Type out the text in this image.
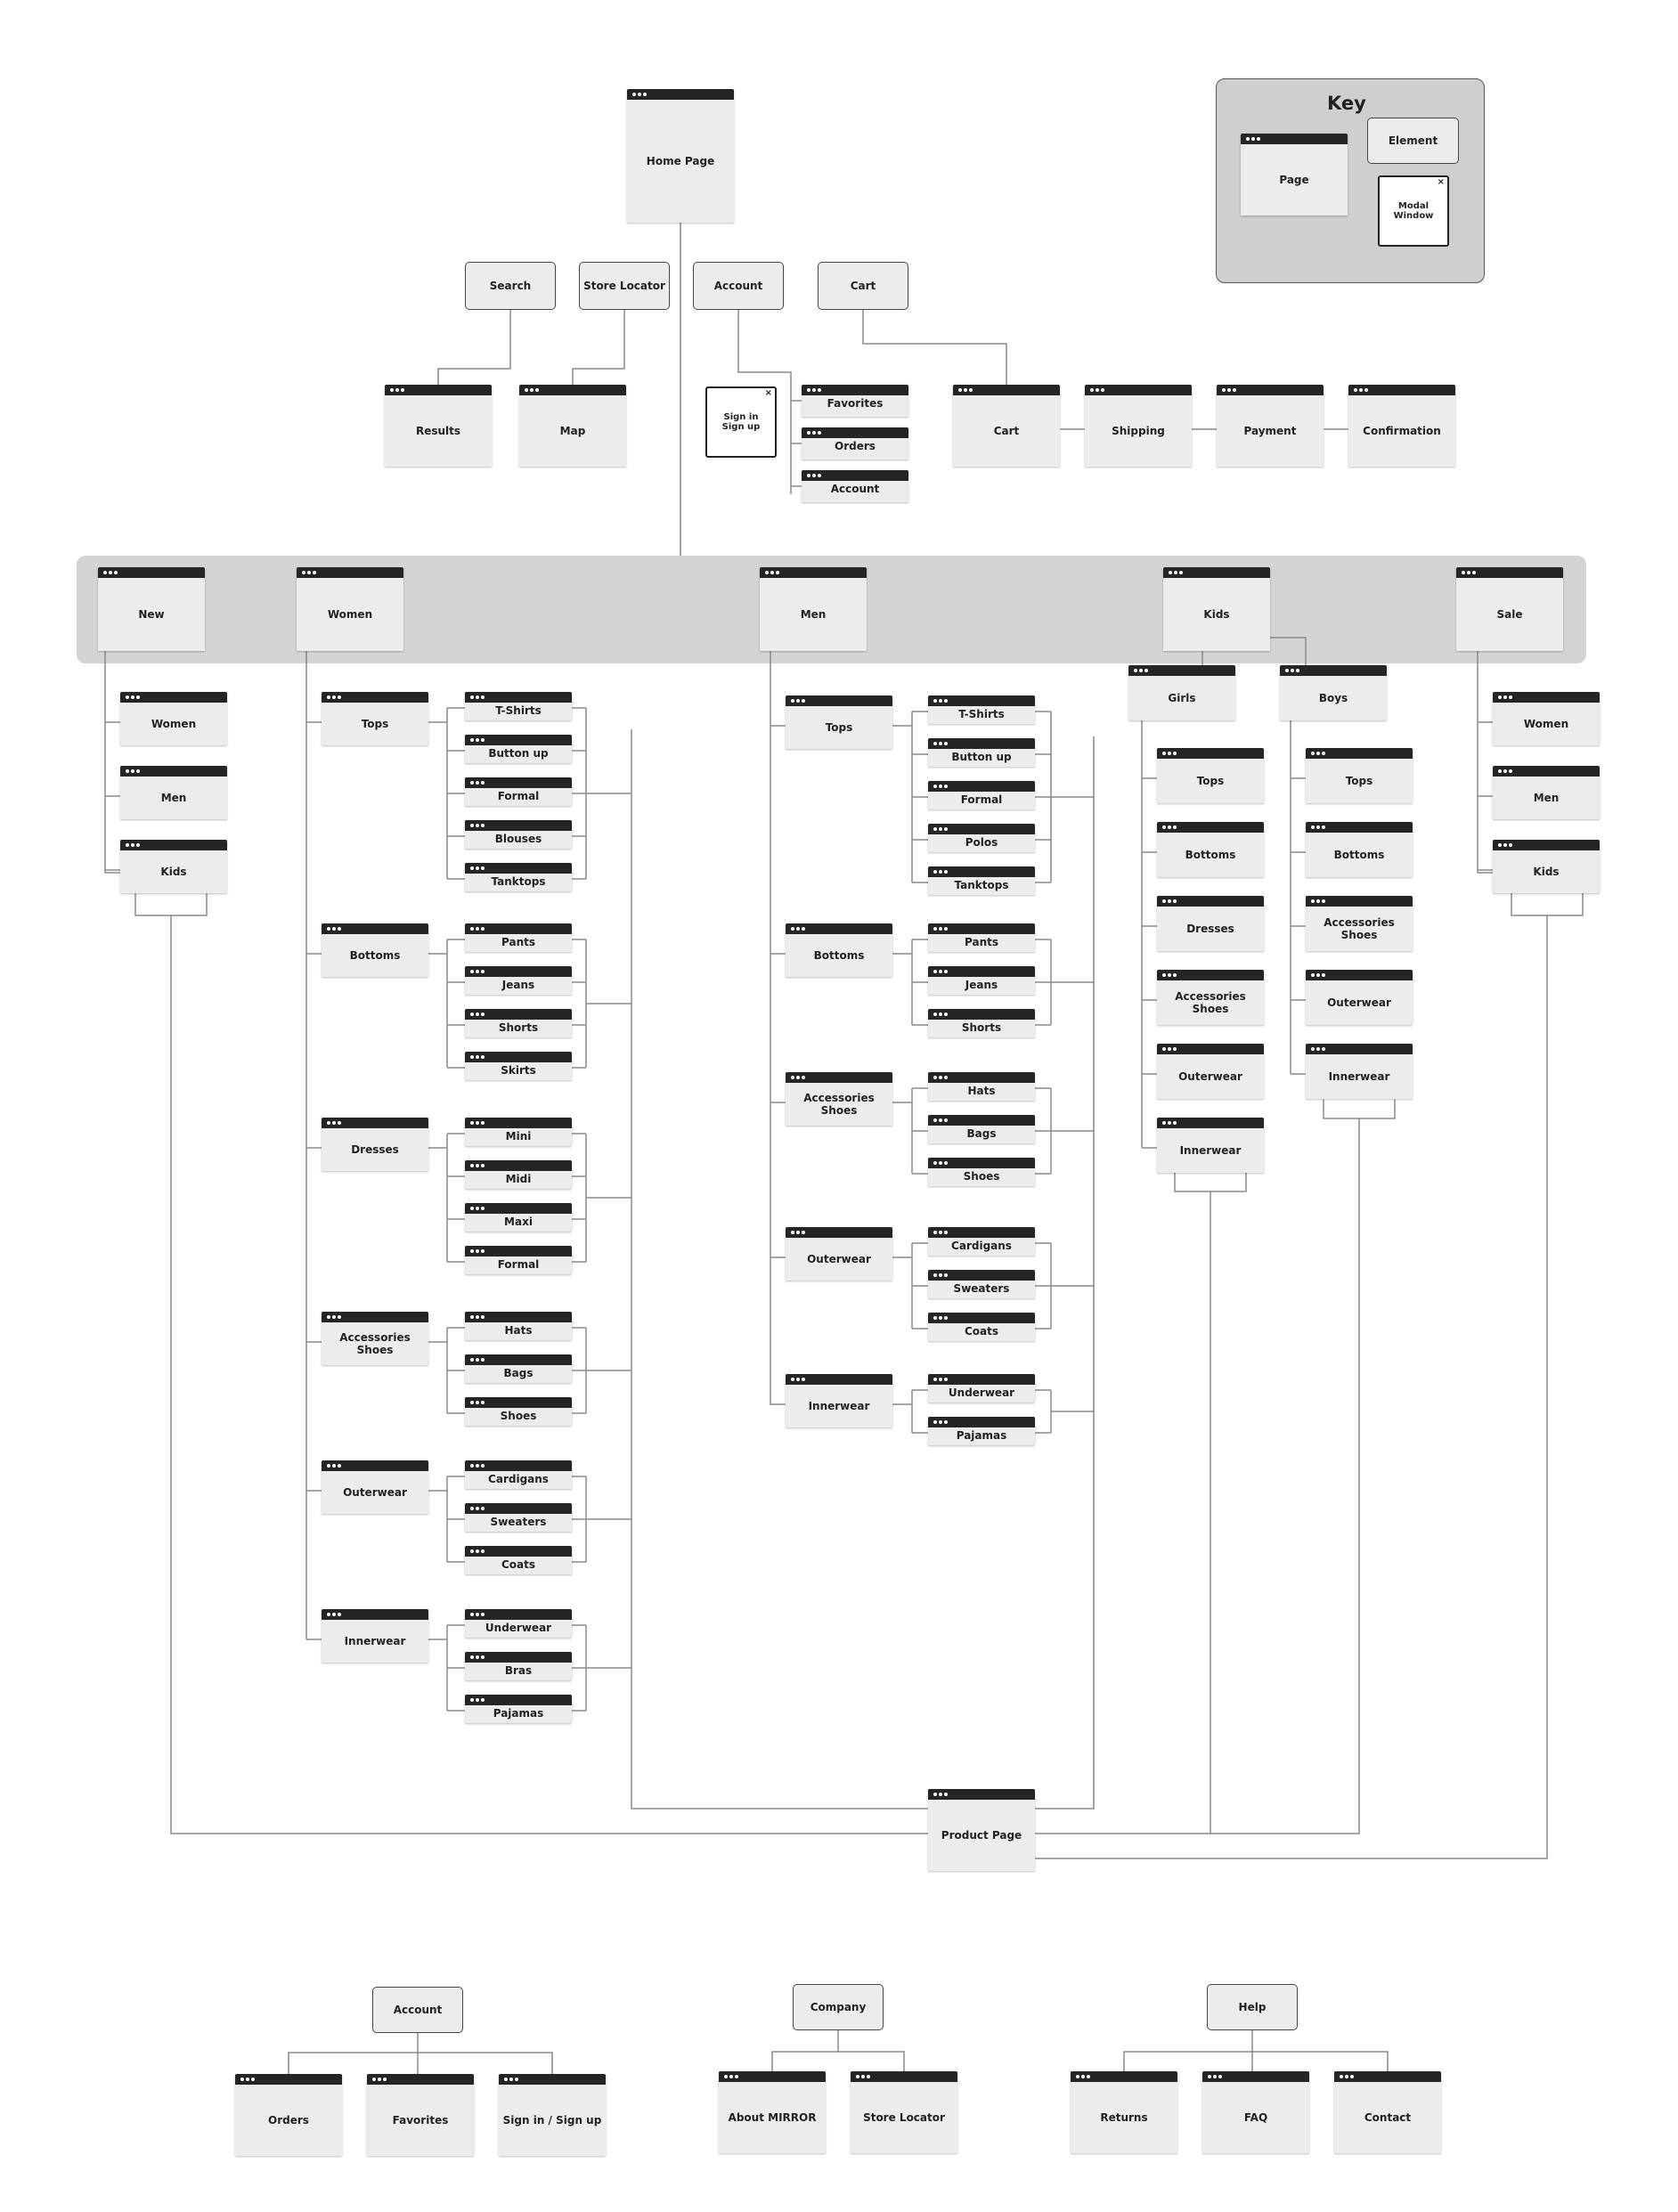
Key
Page
Element
Modal
Window
×
Home Page
Search	Store Locator	Account	Cart
Results	Map
Sign in
Sign up
×
Favorites
Orders
Account
Cart	Shipping	Payment	Confirmation
New	Women	Men	Kids	Sale
Women
Men
Kids
Women
Men
Kids
Tops
T-Shirts
Button up
Formal
Blouses
Tanktops
Bottoms
Pants
Jeans
Shorts
Skirts
Dresses
Mini
Midi
Maxi
Formal
Accessories
Shoes
Hats
Bags
Shoes
Outerwear
Cardigans
Sweaters
Coats
Innerwear
Underwear
Bras
Pajamas
Tops
T-Shirts
Button up
Formal
Polos
Tanktops
Bottoms
Pants
Jeans
Shorts
Accessories
Shoes
Hats
Bags
Shoes
Outerwear
Cardigans
Sweaters
Coats
Innerwear
Underwear
Pajamas
Girls	Boys
Tops
Bottoms
Dresses
Accessories
Shoes
Outerwear
Innerwear
Tops
Bottoms
Accessories
Shoes
Outerwear
Innerwear
Product Page
Account	Company	Help
Orders	Favorites	Sign in / Sign up	About MIRROR	Store Locator	Returns	FAQ	Contact
